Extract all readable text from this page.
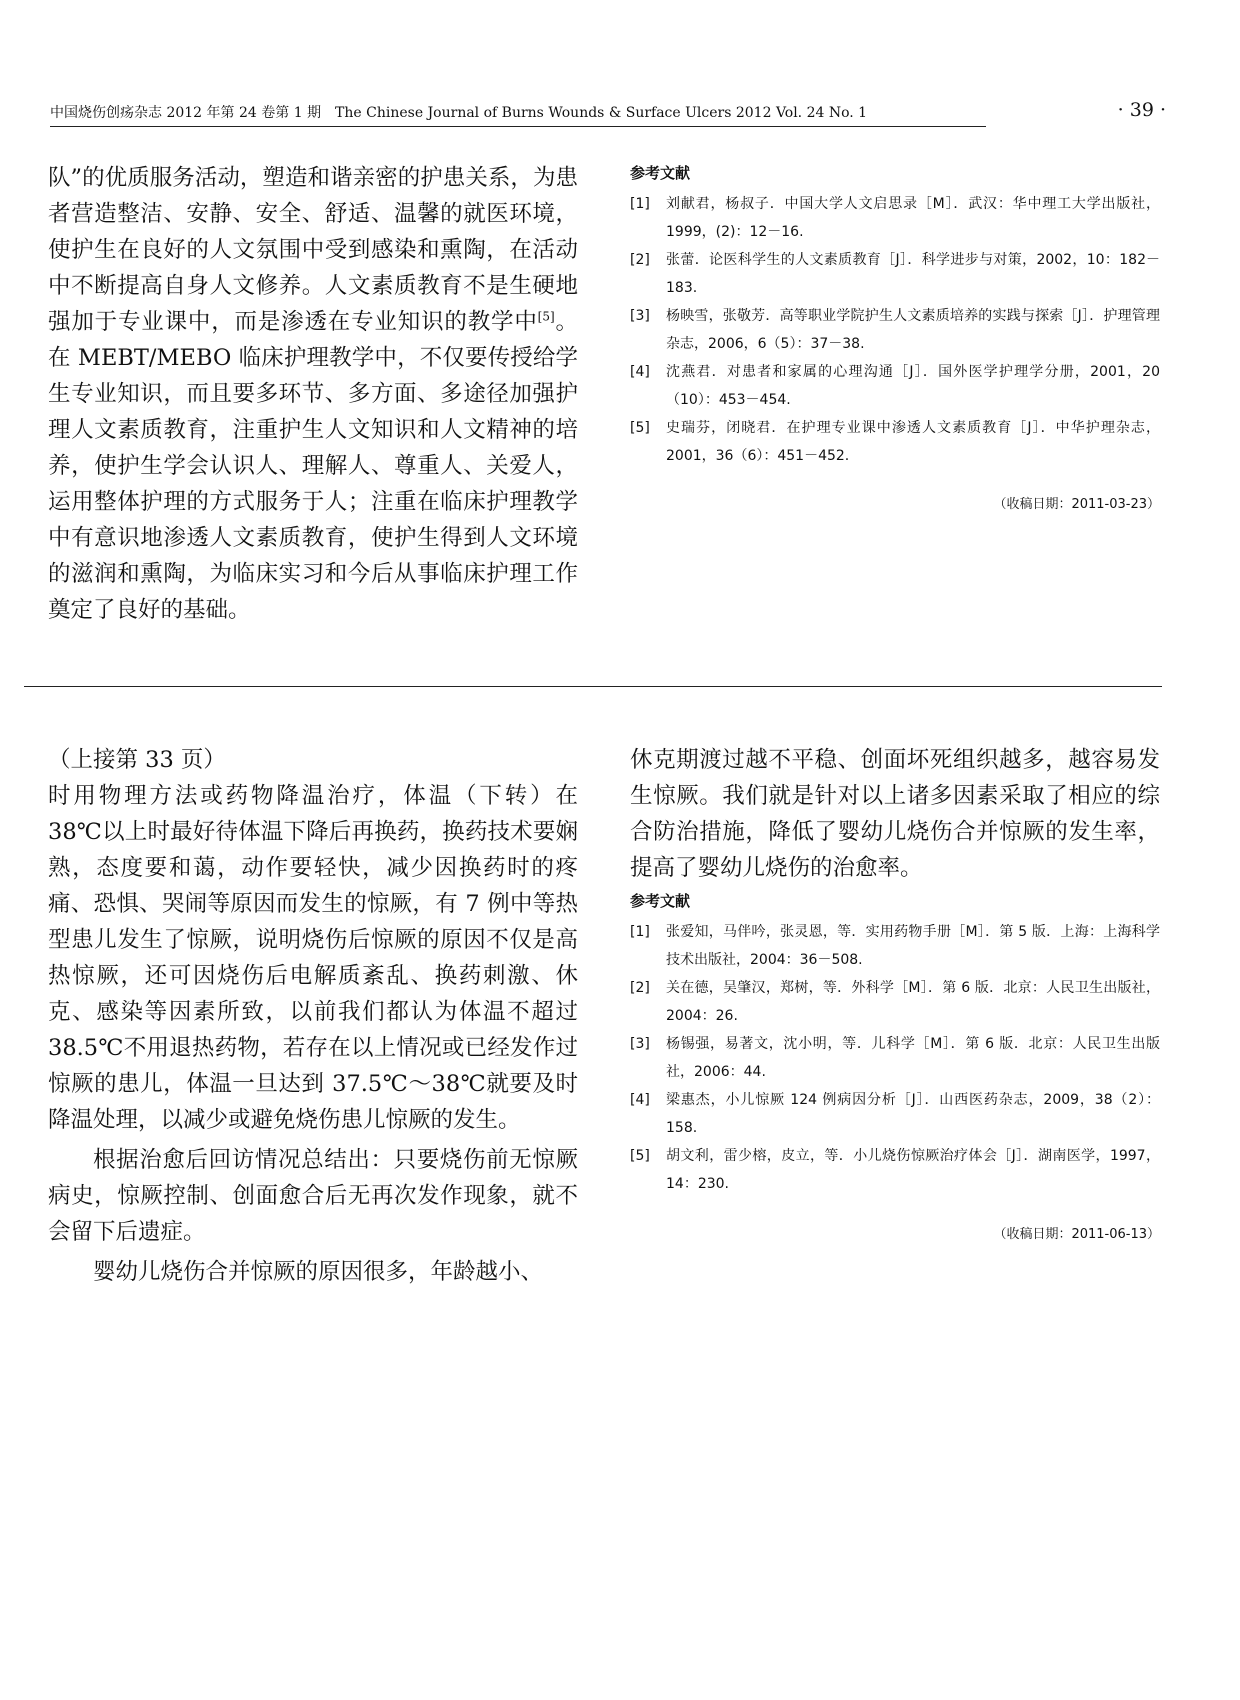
中国烧伤创疡杂志 2012 年第 24 卷第 1 期　The Chinese Journal of Burns Wounds & Surface Ulcers 2012 Vol. 24 No. 1	· 39 ·

队”的优质服务活动，塑造和谐亲密的护患关系，为患者营造整洁、安静、安全、舒适、温馨的就医环境，使护生在良好的人文氛围中受到感染和熏陶，在活动中不断提高自身人文修养。人文素质教育不是生硬地强加于专业课中，而是渗透在专业知识的教学中[5]。在 MEBT/MEBO 临床护理教学中，不仅要传授给学生专业知识，而且要多环节、多方面、多途径加强护理人文素质教育，注重护生人文知识和人文精神的培养，使护生学会认识人、理解人、尊重人、关爱人，运用整体护理的方式服务于人；注重在临床护理教学中有意识地渗透人文素质教育，使护生得到人文环境的滋润和熏陶，为临床实习和今后从事临床护理工作奠定了良好的基础。

参考文献
[1] 刘献君，杨叔子．中国大学人文启思录［M］．武汉：华中理工大学出版社，1999，(2)：12－16.
[2] 张蕾．论医科学生的人文素质教育［J］．科学进步与对策，2002，10：182－183.
[3] 杨映雪，张敬芳．高等职业学院护生人文素质培养的实践与探索［J］．护理管理杂志，2006，6（5）：37－38.
[4] 沈燕君．对患者和家属的心理沟通［J］．国外医学护理学分册，2001，20（10）：453－454.
[5] 史瑞芬，闭晓君．在护理专业课中渗透人文素质教育［J］．中华护理杂志，2001，36（6）：451－452.
（收稿日期：2011-03-23）

（上接第 33 页）

时用物理方法或药物降温治疗，体温（下转）在 38℃以上时最好待体温下降后再换药，换药技术要娴熟，态度要和蔼，动作要轻快，减少因换药时的疼痛、恐惧、哭闹等原因而发生的惊厥，有 7 例中等热型患儿发生了惊厥，说明烧伤后惊厥的原因不仅是高热惊厥，还可因烧伤后电解质紊乱、换药刺激、休克、感染等因素所致，以前我们都认为体温不超过 38.5℃不用退热药物，若存在以上情况或已经发作过惊厥的患儿，体温一旦达到 37.5℃～38℃就要及时降温处理，以减少或避免烧伤患儿惊厥的发生。

根据治愈后回访情况总结出：只要烧伤前无惊厥病史，惊厥控制、创面愈合后无再次发作现象，就不会留下后遗症。

婴幼儿烧伤合并惊厥的原因很多，年龄越小、

休克期渡过越不平稳、创面坏死组织越多，越容易发生惊厥。我们就是针对以上诸多因素采取了相应的综合防治措施，降低了婴幼儿烧伤合并惊厥的发生率，提高了婴幼儿烧伤的治愈率。
参考文献
[1] 张爱知，马伴吟，张灵恩，等．实用药物手册［M］．第 5 版．上海：上海科学技术出版社，2004：36－508.
[2] 关在德，吴肇汉，郑树，等．外科学［M］．第 6 版．北京：人民卫生出版社，2004：26.
[3] 杨锡强，易著文，沈小明，等．儿科学［M］．第 6 版．北京：人民卫生出版社，2006：44.
[4] 梁惠杰，小儿惊厥 124 例病因分析［J］．山西医药杂志，2009，38（2）：158.
[5] 胡文利，雷少榕，皮立，等．小儿烧伤惊厥治疗体会［J］．湖南医学，1997，14：230.
（收稿日期：2011-06-13）
